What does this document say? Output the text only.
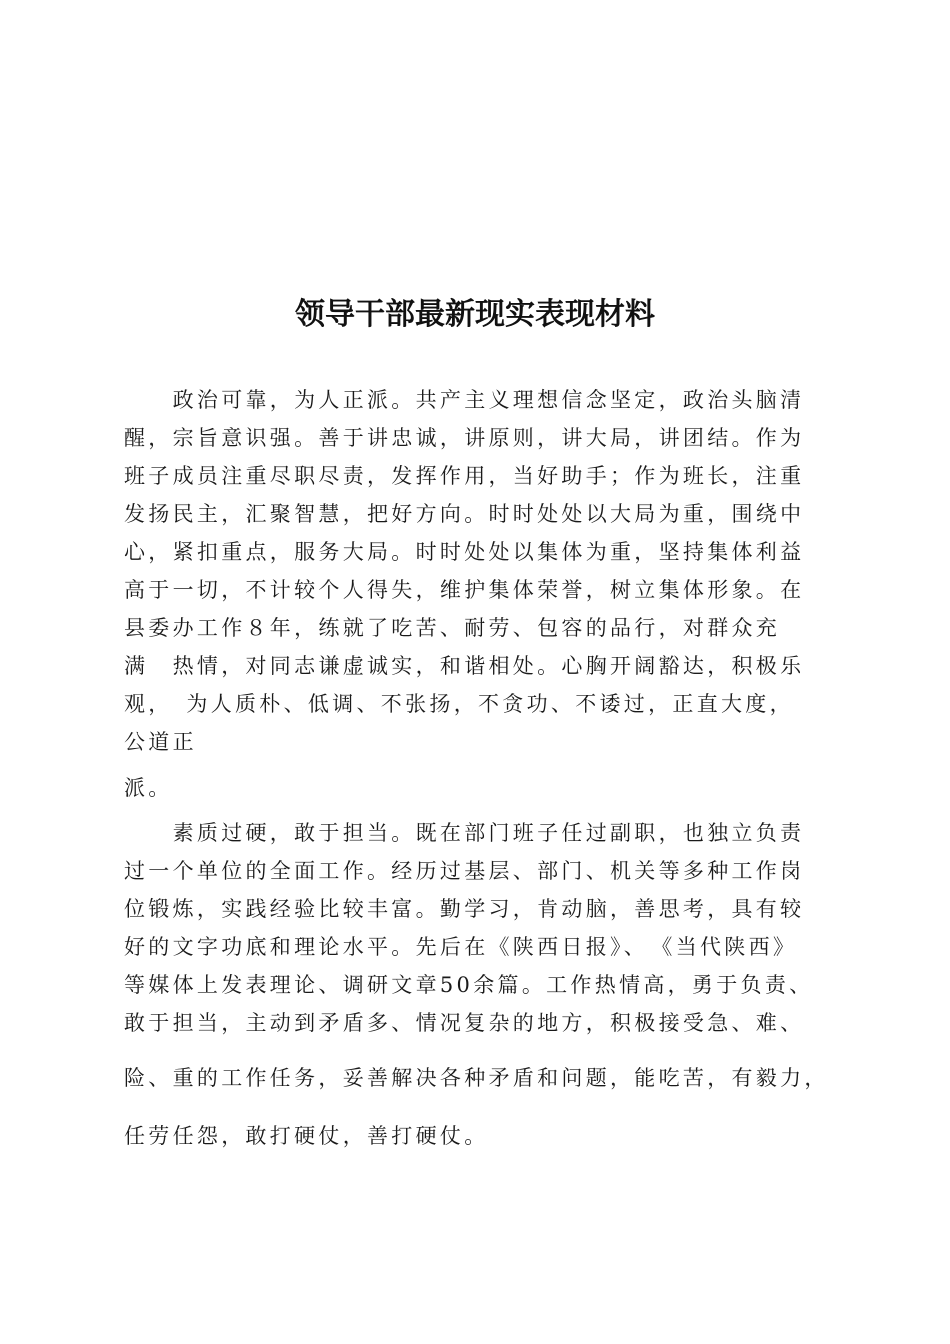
领导干部最新现实表现材料

　　政治可靠，为人正派。共产主义理想信念坚定，政治头脑清

醒，宗旨意识强。善于讲忠诚，讲原则，讲大局，讲团结。作为

班子成员注重尽职尽责，发挥作用，当好助手；作为班长，注重

发扬民主，汇聚智慧，把好方向。时时处处以大局为重，围绕中

心，紧扣重点，服务大局。时时处处以集体为重，坚持集体利益

高于一切，不计较个人得失，维护集体荣誉，树立集体形象。在

县委办工作８年，练就了吃苦、耐劳、包容的品行，对群众充

满　热情，对同志谦虚诚实，和谐相处。心胸开阔豁达，积极乐

观，　为人质朴、低调、不张扬，不贪功、不诿过，正直大度，

公道正

派。

　　素质过硬，敢于担当。既在部门班子任过副职，也独立负责

过一个单位的全面工作。经历过基层、部门、机关等多种工作岗

位锻炼，实践经验比较丰富。勤学习，肯动脑，善思考，具有较

好的文字功底和理论水平。先后在《陕西日报》、　《当代陕西》

等媒体上发表理论、调研文章50余篇。工作热情高，勇于负责、

敢于担当，主动到矛盾多、情况复杂的地方，积极接受急、难、

险、重的工作任务，妥善解决各种矛盾和问题，能吃苦，有毅力，

任劳任怨，敢打硬仗，善打硬仗。
